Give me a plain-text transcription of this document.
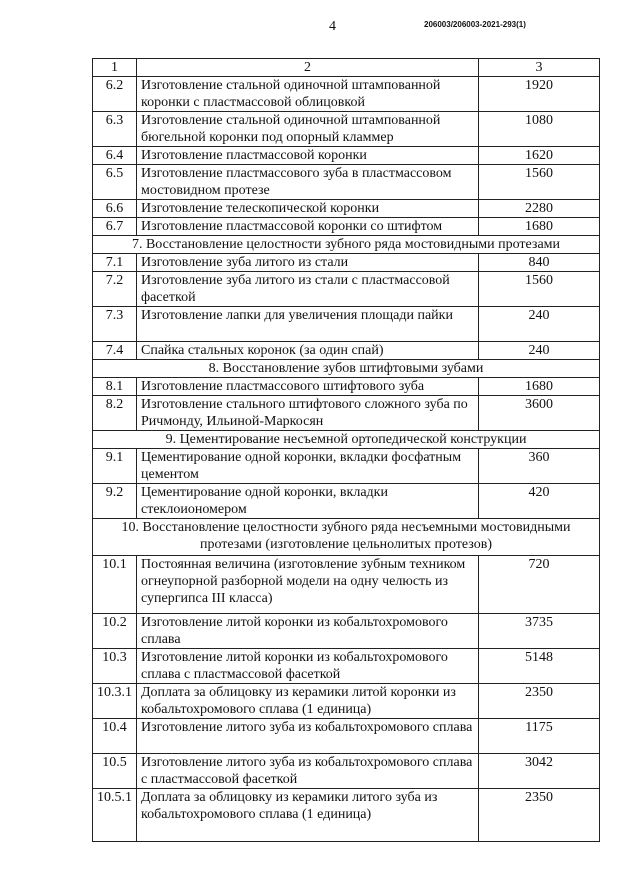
4	206003/206003-2021-293(1)
1	2	3
6.2	Изготовление стальной одиночной штампованной коронки с пластмассовой облицовкой	1920
6.3	Изготовление стальной одиночной штампованной бюгельной коронки под опорный кламмер	1080
6.4	Изготовление пластмассовой коронки	1620
6.5	Изготовление пластмассового зуба в пластмассовом мостовидном протезе	1560
6.6	Изготовление телескопической коронки	2280
6.7	Изготовление пластмассовой коронки со штифтом	1680
7. Восстановление целостности зубного ряда мостовидными протезами		
7.1	Изготовление зуба литого из стали	840
7.2	Изготовление зуба литого из стали с пластмассовой фасеткой	1560
7.3	Изготовление лапки для увеличения площади пайки	240
7.4	Спайка стальных коронок (за один спай)	240
8. Восстановление зубов штифтовыми зубами		
8.1	Изготовление пластмассового штифтового зуба	1680
8.2	Изготовление стального штифтового сложного зуба по Ричмонду, Ильиной-Маркосян	3600
9. Цементирование несъемной ортопедической конструкции		
9.1	Цементирование одной коронки, вкладки фосфатным цементом	360
9.2	Цементирование одной коронки, вкладки стеклоиономером	420
10. Восстановление целостности зубного ряда несъемными мостовидными протезами (изготовление цельнолитых протезов)		
10.1	Постоянная величина (изготовление зубным техником огнеупорной разборной модели на одну челюсть из супергипса III класса)	720
10.2	Изготовление литой коронки из кобальтохромового сплава	3735
10.3	Изготовление литой коронки из кобальтохромового сплава с пластмассовой фасеткой	5148
10.3.1	Доплата за облицовку из керамики литой коронки из кобальтохромового сплава (1 единица)	2350
10.4	Изготовление литого зуба из кобальтохромового сплава	1175
10.5	Изготовление литого зуба из кобальтохромового сплава с пластмассовой фасеткой	3042
10.5.1	Доплата за облицовку из керамики литого зуба из кобальтохромового сплава (1 единица)	2350
